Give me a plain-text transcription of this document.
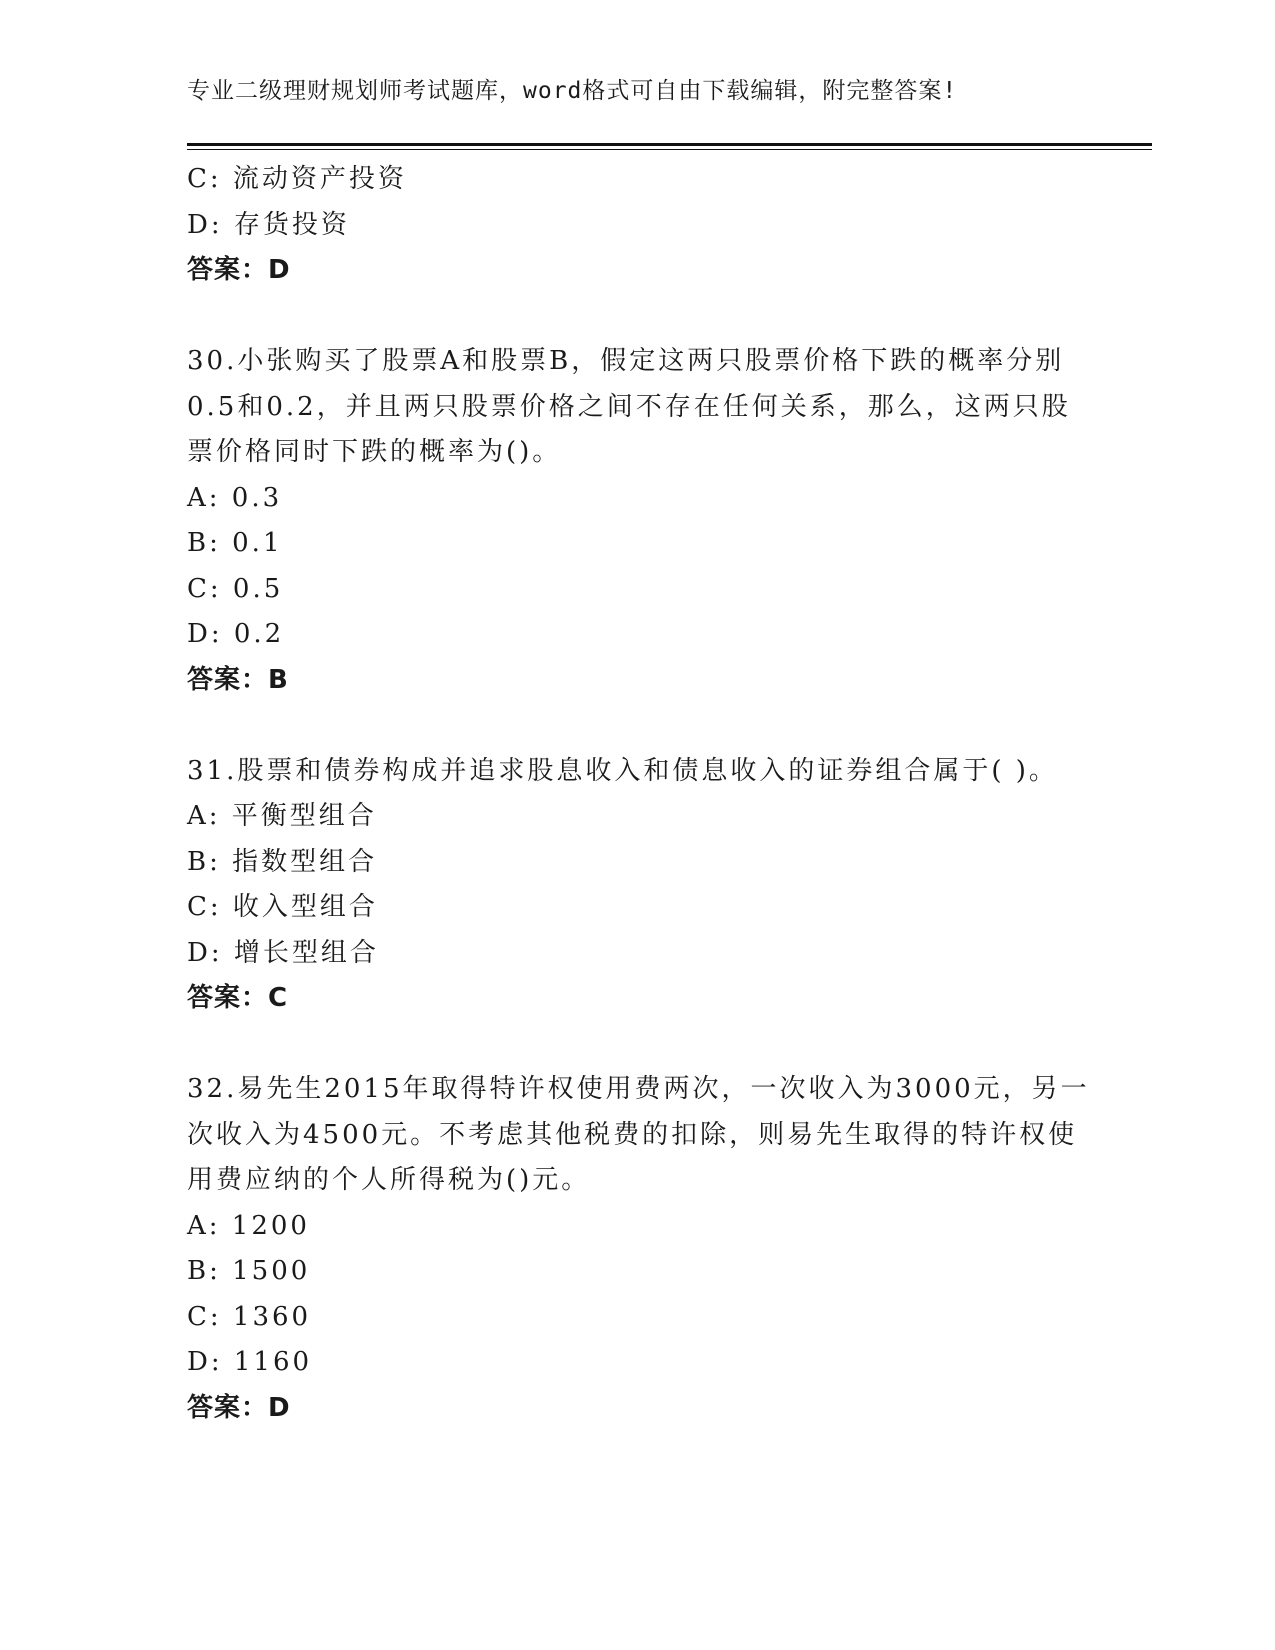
专业二级理财规划师考试题库，word格式可自由下载编辑，附完整答案!
C: 流动资产投资
D: 存货投资
答案：D
30.小张购买了股票A和股票B，假定这两只股票价格下跌的概率分别
0.5和0.2，并且两只股票价格之间不存在任何关系，那么，这两只股
票价格同时下跌的概率为()。
A: 0.3
B: 0.1
C: 0.5
D: 0.2
答案：B
31.股票和债券构成并追求股息收入和债息收入的证券组合属于( )。
A: 平衡型组合
B: 指数型组合
C: 收入型组合
D: 增长型组合
答案：C
32.易先生2015年取得特许权使用费两次，一次收入为3000元，另一
次收入为4500元。不考虑其他税费的扣除，则易先生取得的特许权使
用费应纳的个人所得税为()元。
A: 1200
B: 1500
C: 1360
D: 1160
答案：D
